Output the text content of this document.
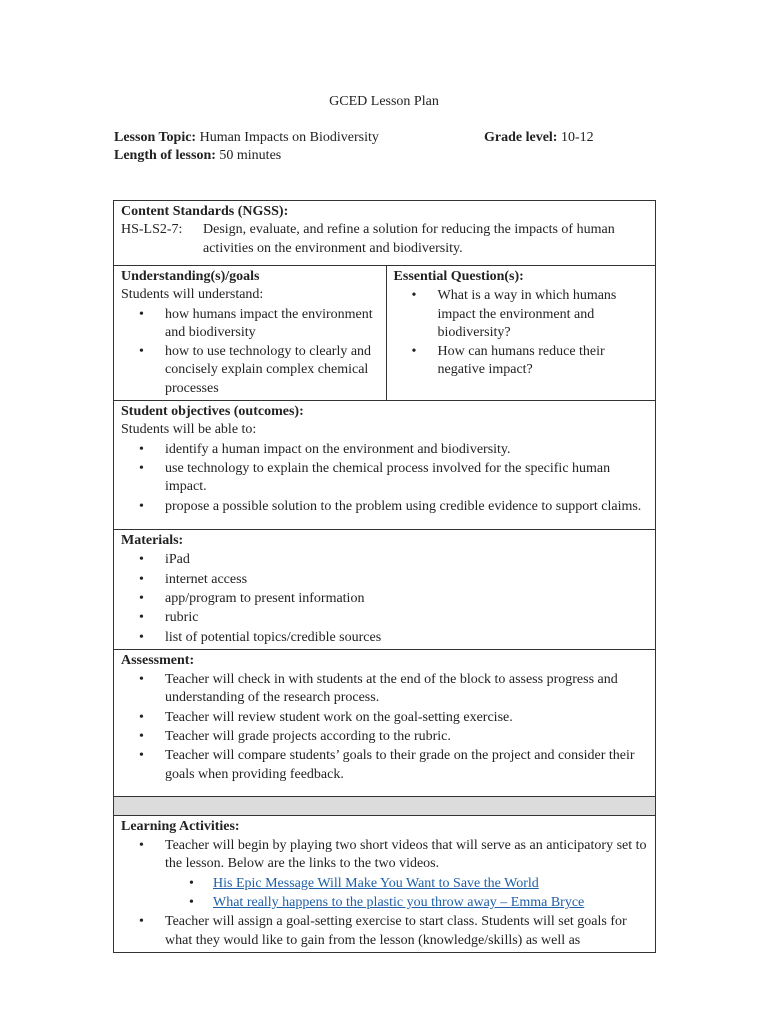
GCED Lesson Plan
Lesson Topic: Human Impacts on Biodiversity	Grade level: 10-12
Length of lesson: 50 minutes
Content Standards (NGSS):
HS-LS2-7:	Design, evaluate, and refine a solution for reducing the impacts of human activities on the environment and biodiversity.

Understanding(s)/goals
Students will understand:
• how humans impact the environment and biodiversity
• how to use technology to clearly and concisely explain complex chemical processes

Essential Question(s):
• What is a way in which humans impact the environment and biodiversity?
• How can humans reduce their negative impact?

Student objectives (outcomes):
Students will be able to:
• identify a human impact on the environment and biodiversity.
• use technology to explain the chemical process involved for the specific human impact.
• propose a possible solution to the problem using credible evidence to support claims.

Materials:
• iPad
• internet access
• app/program to present information
• rubric
• list of potential topics/credible sources

Assessment:
• Teacher will check in with students at the end of the block to assess progress and understanding of the research process.
• Teacher will review student work on the goal-setting exercise.
• Teacher will grade projects according to the rubric.
• Teacher will compare students’ goals to their grade on the project and consider their goals when providing feedback.

Learning Activities:
• Teacher will begin by playing two short videos that will serve as an anticipatory set to the lesson. Below are the links to the two videos.
• His Epic Message Will Make You Want to Save the World
• What really happens to the plastic you throw away – Emma Bryce
• Teacher will assign a goal-setting exercise to start class. Students will set goals for what they would like to gain from the lesson (knowledge/skills) as well as
